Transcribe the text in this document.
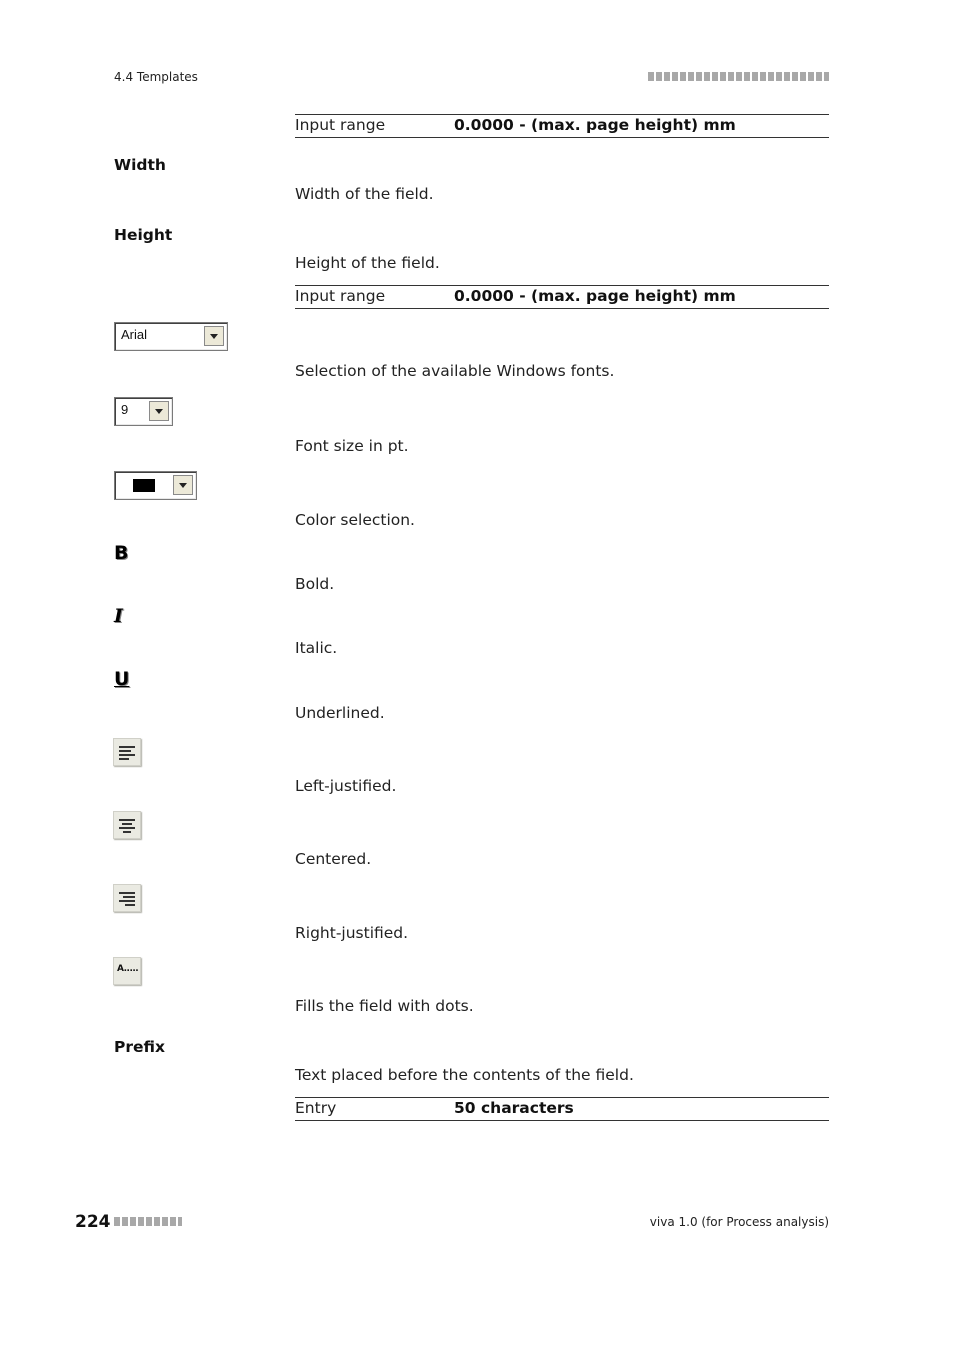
4.4 Templates
Input range	0.0000 - (max. page height) mm
Width
Width of the field.
Height
Height of the field.
Input range	0.0000 - (max. page height) mm
Arial
Selection of the available Windows fonts.
9
Font size in pt.
Color selection.
B
Bold.
I
Italic.
U
Underlined.
Left-justified.
Centered.
Right-justified.
A.....
Fills the field with dots.
Prefix
Text placed before the contents of the field.
Entry	50 characters
224	viva 1.0 (for Process analysis)
